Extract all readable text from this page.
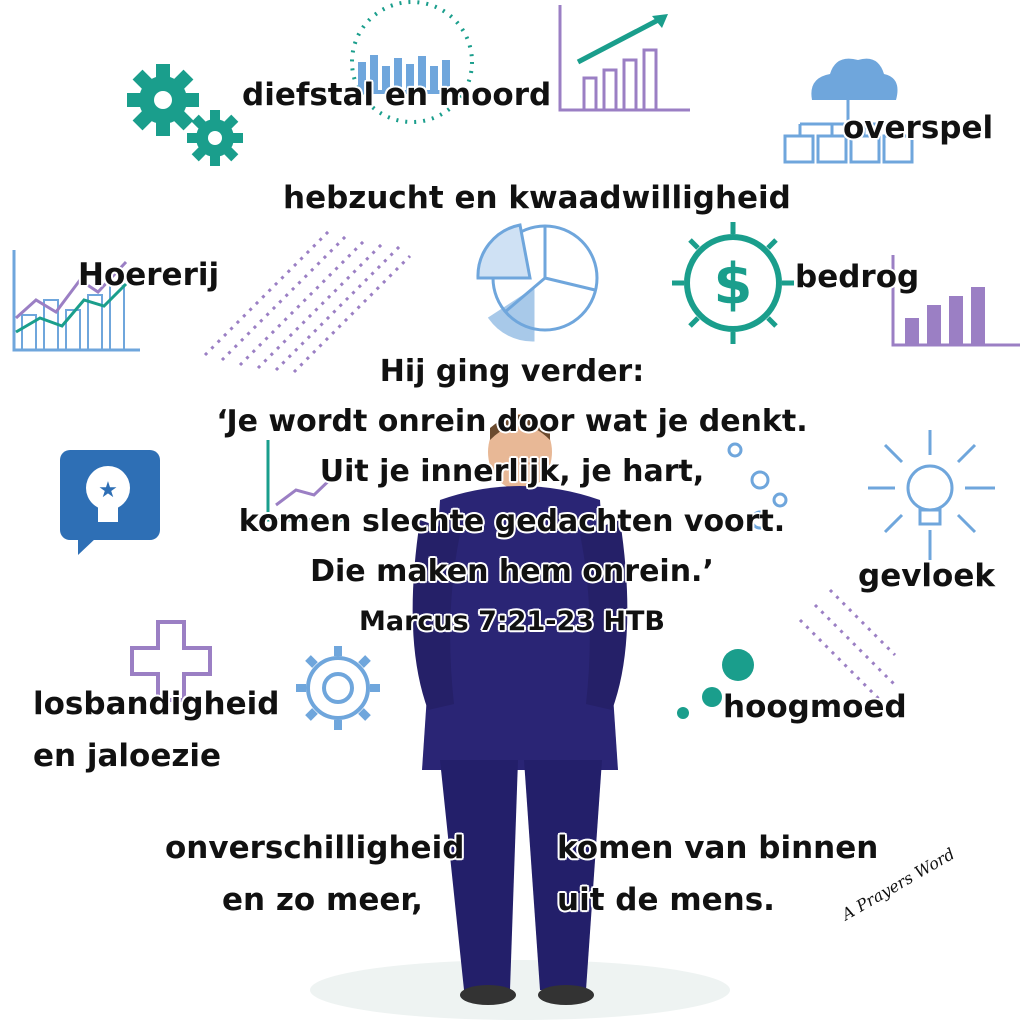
$
★
diefstal en moord
overspel
hebzucht en kwaadwilligheid
Hoererij	bedrog
gevloek
losbandigheid
en jaloezie
hoogmoed
onverschilligheid
en zo meer,
komen van binnen
uit de mens.
Hij ging verder:
‘Je wordt onrein door wat je denkt.
Uit je innerlijk, je hart,
komen slechte gedachten voort.
Die maken hem onrein.’
Marcus 7:21-23 HTB
A Prayers Word
